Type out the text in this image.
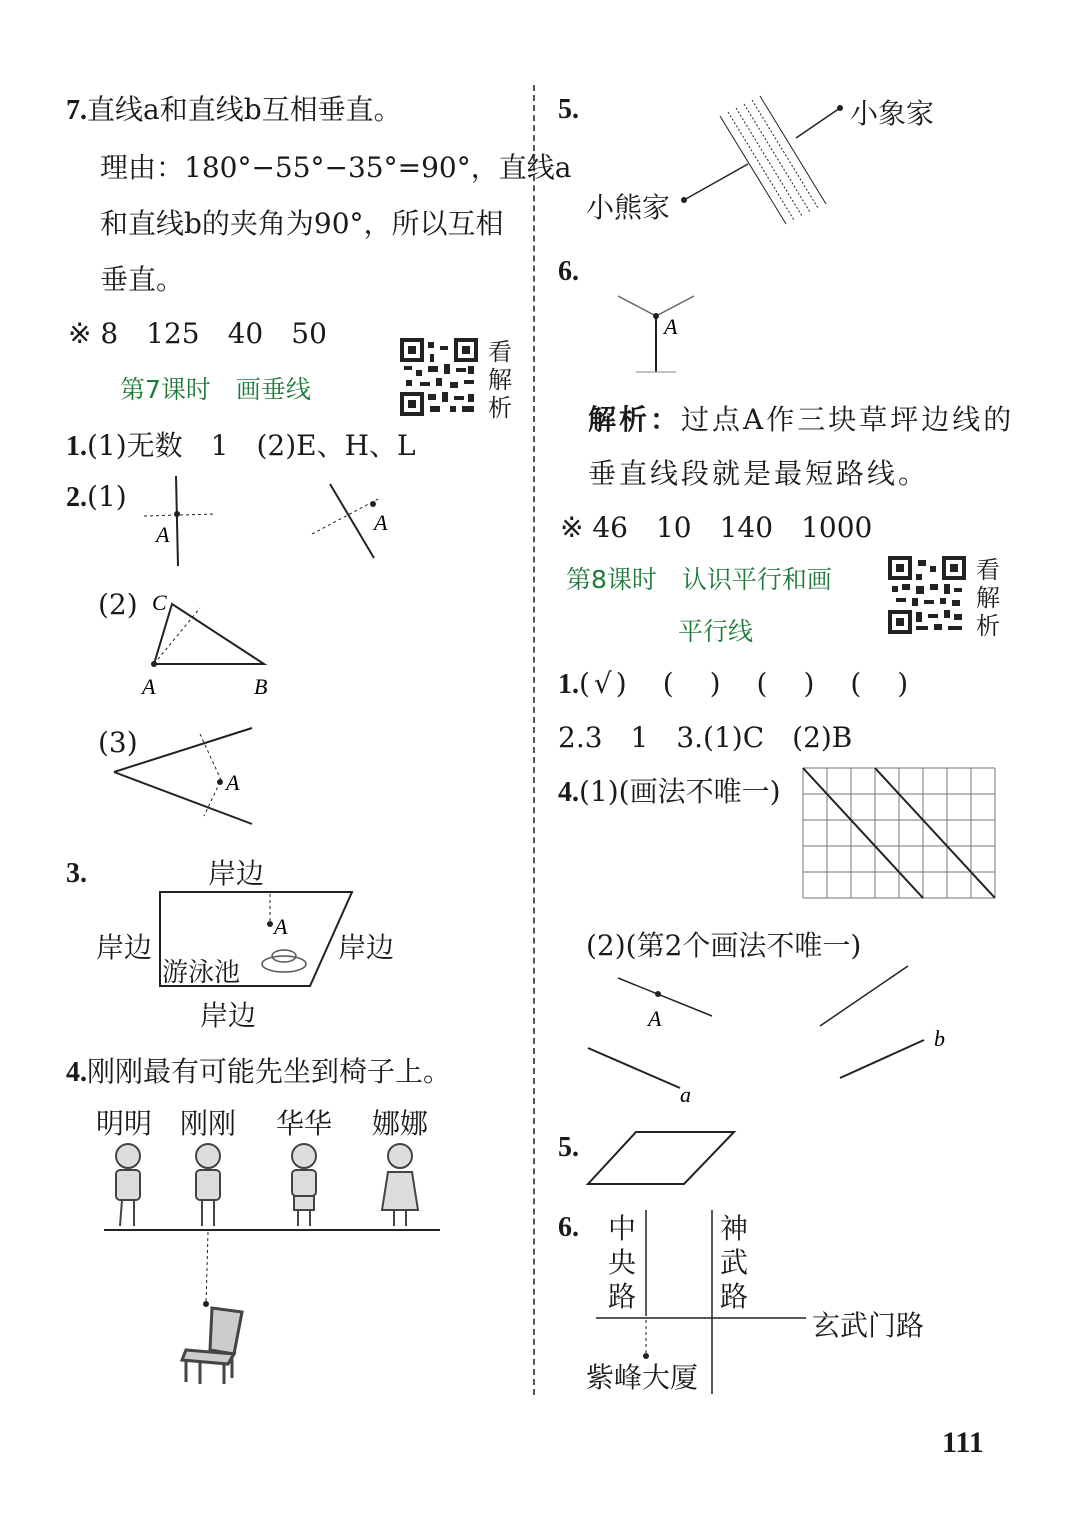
7.直线a和直线b互相垂直。
理由：180°−55°−35°=90°，直线a
和直线b的夹角为90°，所以互相
垂直。
※ 8　125　40　50
第7课时　画垂线
看
解
析
1.(1)无数　1　(2)E、H、L
2.(1)
A	A
(2) C
A	B
(3)
A
3.	岸边
岸边	岸边
岸边
A
游泳池
4.刚刚最有可能先坐到椅子上。
明明 刚刚 华华 娜娜
5.	小象家
小熊家
6.
A
解析：过点A作三块草坪边线的
垂直线段就是最短路线。
※ 46　10　140　1000
第8课时　认识平行和画
平行线
看
解
析
1.(√)　(　)　(　)　(　)
2.3　1　3.(1)C　(2)B
4.(1)(画法不唯一)
(2)(第2个画法不唯一)
A
a
b
5.
6. 中
央
路
神
武
路
玄武门路
紫峰大厦
111
